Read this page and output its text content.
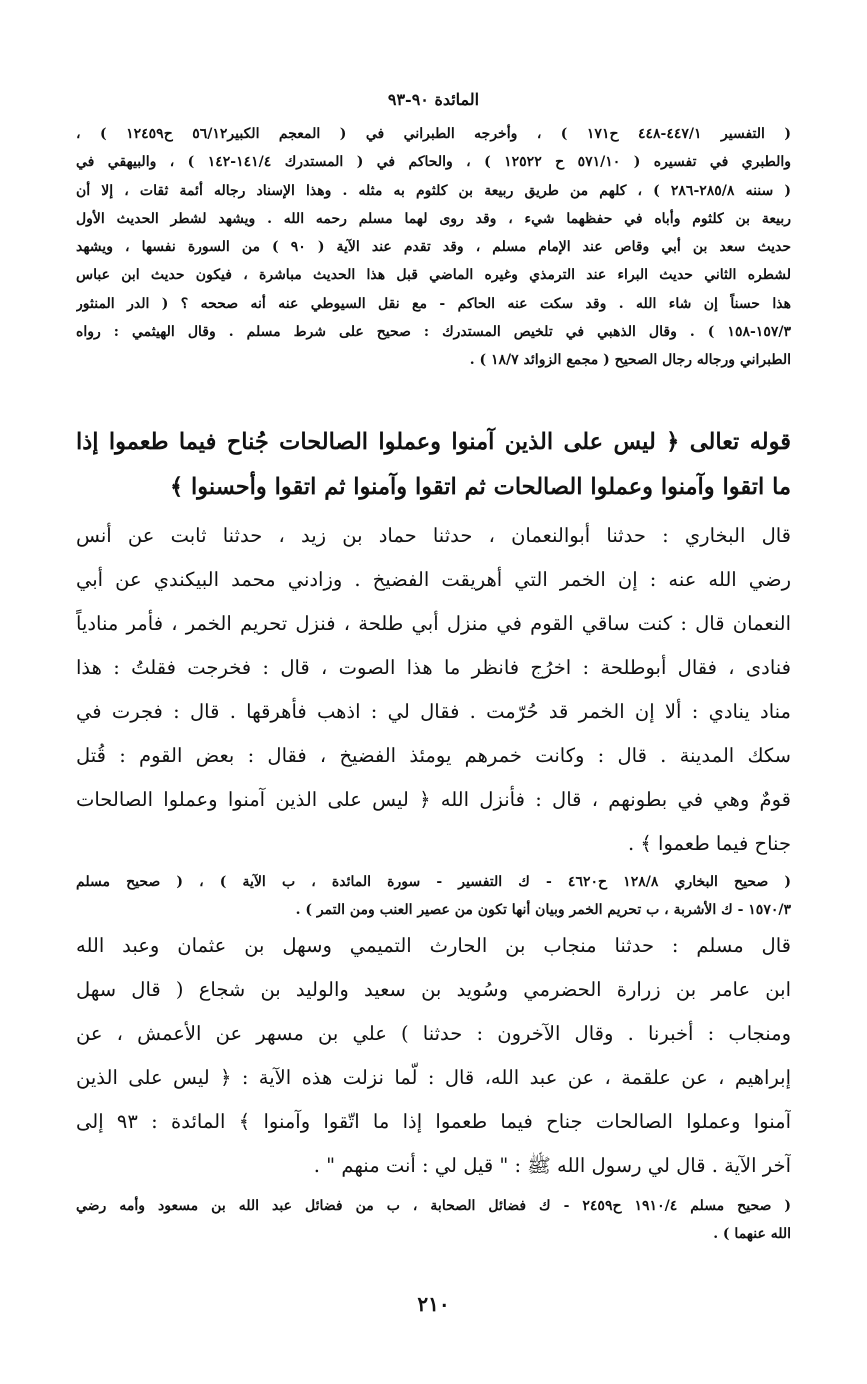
المائدة ٩٠-٩٣
( التفسير ٤٤٧/١-٤٤٨ ح١٧١ ) ، وأخرجه الطبراني في ( المعجم الكبير٥٦/١٢ ح١٢٤٥٩ ) ،
والطبري في تفسيره ( ٥٧١/١٠ ح ١٢٥٢٢ ) ، والحاكم في ( المستدرك ١٤١/٤-١٤٢ ) ، والبيهقي في
( سننه ٢٨٥/٨-٢٨٦ ) ، كلهم من طريق ربيعة بن كلثوم به مثله . وهذا الإسناد رجاله أئمة ثقات ، إلا أن
ربيعة بن كلثوم وأباه في حفظهما شيء ، وقد روى لهما مسلم رحمه الله . ويشهد لشطر الحديث الأول
حديث سعد بن أبي وقاص عند الإمام مسلم ، وقد تقدم عند الآية ( ٩٠ ) من السورة نفسها ، ويشهد
لشطره الثاني حديث البراء عند الترمذي وغيره الماضي قبل هذا الحديث مباشرة ، فيكون حديث ابن عباس
هذا حسناً إن شاء الله . وقد سكت عنه الحاكم - مع نقل السيوطي عنه أنه صححه ؟ ( الدر المنثور
١٥٧/٣-١٥٨ ) . وقال الذهبي في تلخيص المستدرك : صحيح على شرط مسلم . وقال الهيثمي : رواه
الطبراني ورجاله رجال الصحيح ( مجمع الزوائد ١٨/٧ ) .
قوله تعالى ﴿ ليس على الذين آمنوا وعملوا الصالحات جُناح فيما طعموا إذا
ما اتقوا وآمنوا وعملوا الصالحات ثم اتقوا وآمنوا ثم اتقوا وأحسنوا ﴾
قال البخاري : حدثنا أبوالنعمان ، حدثنا حماد بن زيد ، حدثنا ثابت عن أنس
رضي الله عنه : إن الخمر التي أهريقت الفضيخ . وزادني محمد البيكندي عن أبي
النعمان قال : كنت ساقي القوم في منزل أبي طلحة ، فنزل تحريم الخمر ، فأمر منادياً
فنادى ، فقال أبوطلحة : اخرُج فانظر ما هذا الصوت ، قال : فخرجت فقلتُ : هذا
مناد ينادي : ألا إن الخمر قد حُرّمت . فقال لي : اذهب فأهرقها . قال : فجرت في
سكك المدينة . قال : وكانت خمرهم يومئذ الفضيخ ، فقال : بعض القوم : قُتل
قومٌ وهي في بطونهم ، قال : فأنزل الله ﴿ ليس على الذين آمنوا وعملوا الصالحات
جناح فيما طعموا ﴾ .
( صحيح البخاري ١٢٨/٨ ح٤٦٢٠ - ك التفسير - سورة المائدة ، ب الآية ) ، ( صحيح مسلم
١٥٧٠/٣ - ك الأشربة ، ب تحريم الخمر وبيان أنها تكون من عصير العنب ومن التمر ) .
قال مسلم : حدثنا منجاب بن الحارث التميمي وسهل بن عثمان وعبد الله
ابن عامر بن زرارة الحضرمي وسُويد بن سعيد والوليد بن شجاع ( قال سهل
ومنجاب : أخبرنا . وقال الآخرون : حدثنا ) علي بن مسهر عن الأعمش ، عن
إبراهيم ، عن علقمة ، عن عبد الله، قال : لّما نزلت هذه الآية : ﴿ ليس على الذين
آمنوا وعملوا الصالحات جناح فيما طعموا إذا ما اتّقوا وآمنوا ﴾ المائدة : ٩٣ إلى
آخر الآية . قال لي رسول الله ﷺ : " قيل لي : أنت منهم " .
( صحيح مسلم ١٩١٠/٤ ح٢٤٥٩ - ك فضائل الصحابة ، ب من فضائل عبد الله بن مسعود وأمه رضي
الله عنهما ) .
٢١٠
